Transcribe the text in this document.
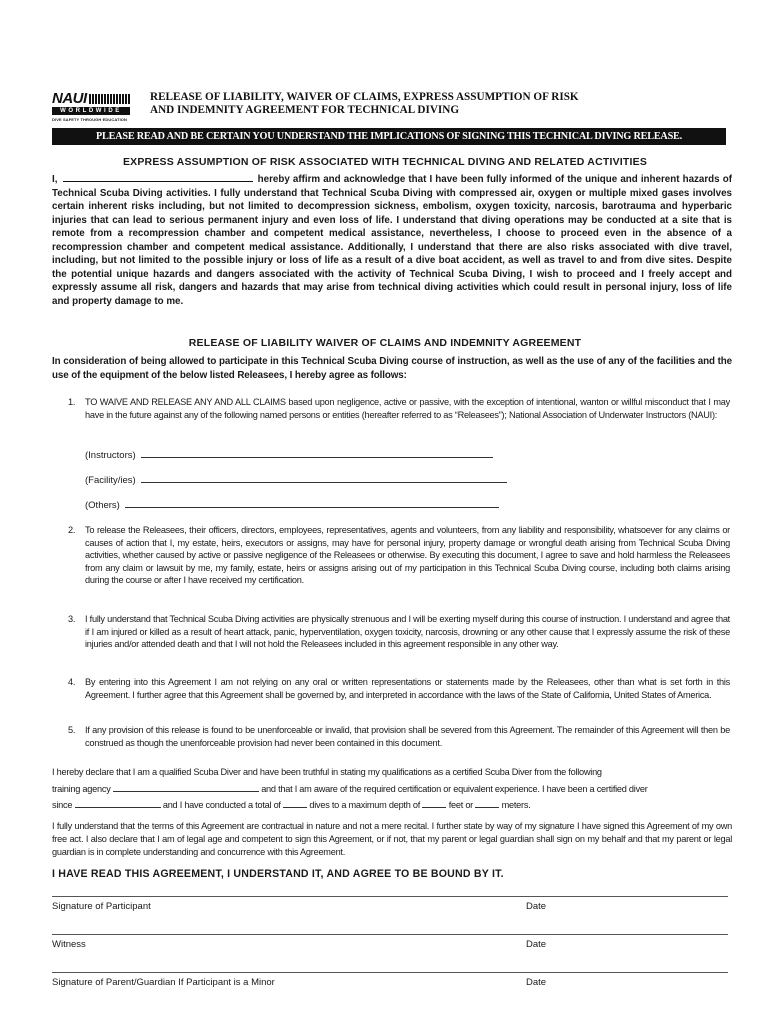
NAUI
WORLDWIDE
DIVE SAFETY THROUGH EDUCATION
RELEASE OF LIABILITY, WAIVER OF CLAIMS, EXPRESS ASSUMPTION OF RISK
AND INDEMNITY AGREEMENT FOR TECHNICAL DIVING
PLEASE READ AND BE CERTAIN YOU UNDERSTAND THE IMPLICATIONS OF SIGNING THIS TECHNICAL DIVING RELEASE.
EXPRESS ASSUMPTION OF RISK ASSOCIATED WITH TECHNICAL DIVING AND RELATED ACTIVITIES
I,	hereby affirm and acknowledge that I have been fully informed of the unique and inherent hazards of Technical Scuba Diving activities. I fully understand that Technical Scuba Diving with compressed air, oxygen or multiple mixed gases involves certain inherent risks including, but not limited to decompression sickness, embolism, oxygen toxicity, narcosis, barotrauma and hyperbaric injuries that can lead to serious permanent injury and even loss of life. I understand that diving operations may be conducted at a site that is remote from a recompression chamber and competent medical assistance, nevertheless, I choose to proceed even in the absence of a recompression chamber and competent medical assistance. Additionally, I understand that there are also risks associated with dive travel, including, but not limited to the possible injury or loss of life as a result of a dive boat accident, as well as travel to and from dive sites. Despite the potential unique hazards and dangers associated with the activity of Technical Scuba Diving, I wish to proceed and I freely accept and expressly assume all risk, dangers and hazards that may arise from technical diving activities which could result in personal injury, loss of life and property damage to me.
RELEASE OF LIABILITY WAIVER OF CLAIMS AND INDEMNITY AGREEMENT
In consideration of being allowed to participate in this Technical Scuba Diving course of instruction, as well as the use of any of the facilities and the use of the equipment of the below listed Releasees, I hereby agree as follows:
1.	TO WAIVE AND RELEASE ANY AND ALL CLAIMS based upon negligence, active or passive, with the exception of intentional, wanton or willful misconduct that I may have in the future against any of the following named persons or entities (hereafter referred to as “Releasees”); National Association of Underwater Instructors (NAUI):
(Instructors)
(Facility/ies)
(Others)
2.	To release the Releasees, their officers, directors, employees, representatives, agents and volunteers, from any liability and responsibility, whatsoever for any claims or causes of action that I, my estate, heirs, executors or assigns, may have for personal injury, property damage or wrongful death arising from Technical Scuba Diving activities, whether caused by active or passive negligence of the Releasees or otherwise. By executing this document, I agree to save and hold harmless the Releasees from any claim or lawsuit by me, my family, estate, heirs or assigns arising out of my participation in this Technical Scuba Diving course, including both claims arising during the course or after I have received my certification.
3.	I fully understand that Technical Scuba Diving activities are physically strenuous and I will be exerting myself during this course of instruction. I understand and agree that if I am injured or killed as a result of heart attack, panic, hyperventilation, oxygen toxicity, narcosis, drowning or any other cause that I expressly assume the risk of these injuries and/or attended death and that I will not hold the Releasees included in this agreement responsible in any other way.
4.	By entering into this Agreement I am not relying on any oral or written representations or statements made by the Releasees, other than what is set forth in this Agreement. I further agree that this Agreement shall be governed by, and interpreted in accordance with the laws of the State of California, United States of America.
5.	If any provision of this release is found to be unenforceable or invalid, that provision shall be severed from this Agreement. The remainder of this Agreement will then be construed as though the unenforceable provision had never been contained in this document.
I hereby declare that I am a qualified Scuba Diver and have been truthful in stating my qualifications as a certified Scuba Diver from the following
training agency	and that I am aware of the required certification or equivalent experience. I have been a certified diver
since	and I have conducted a total of	dives to a maximum depth of	feet or	meters.
I fully understand that the terms of this Agreement are contractual in nature and not a mere recital. I further state by way of my signature I have signed this Agreement of my own free act. I also declare that I am of legal age and competent to sign this Agreement, or if not, that my parent or legal guardian shall sign on my behalf and that my parent or legal guardian is in complete understanding and concurrence with this Agreement.
I HAVE READ THIS AGREEMENT, I UNDERSTAND IT, AND AGREE TO BE BOUND BY IT.
Signature of Participant	Date
Witness	Date
Signature of Parent/Guardian If Participant is a Minor	Date
